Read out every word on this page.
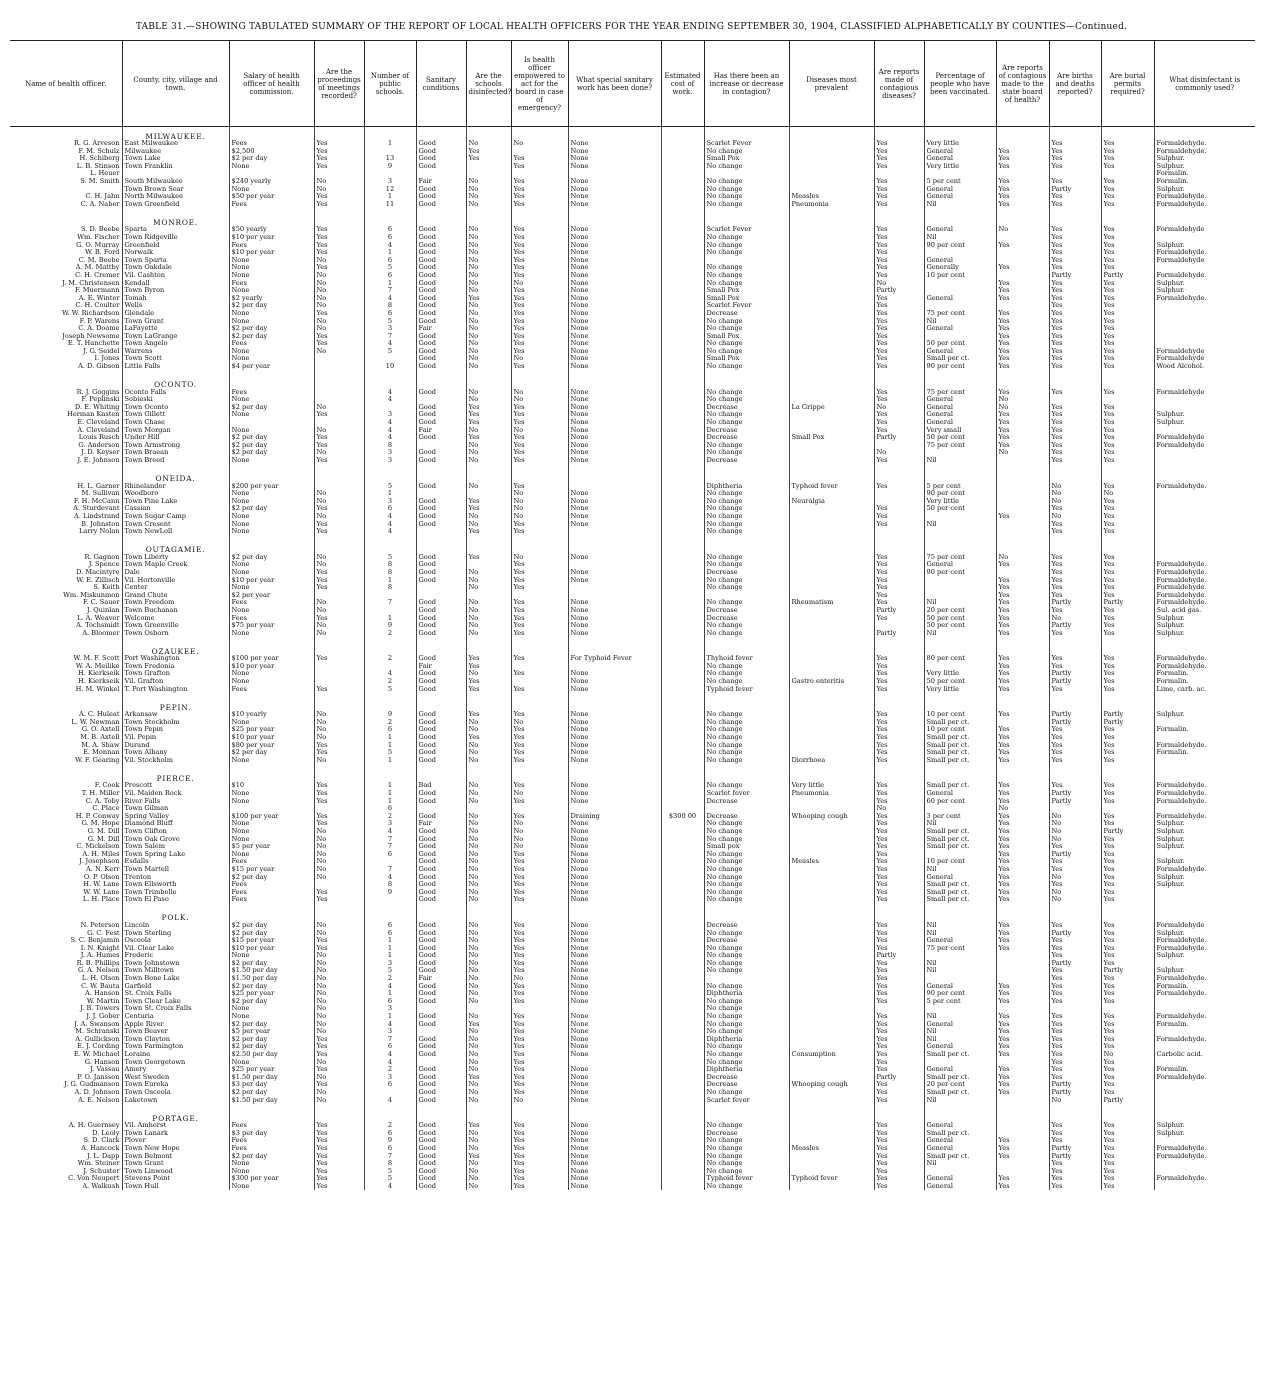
TABLE 31.—SHOWING TABULATED SUMMARY OF THE REPORT OF LOCAL HEALTH OFFICERS FOR THE YEAR ENDING SEPTEMBER 30, 1904, CLASSIFIED ALPHABETICALLY BY COUNTIES—Continued.
Name of health officer.	County, city, village and town.	Salary of health officer of health commission.	Are the proceedings of meetings recorded?	Number of public schools.	Sanitary conditions	Are the schools disinfected?	Is health officer empowered to act for the board in case of emergency?	What special sanitary work has been done?	Estimated cost of work.	Has there been an increase or decrease in contagion?	Diseases most prevalent	Are reports made of contagious diseases?	Percentage of people who have been vaccinated.	Are reports of contagious made to the state board of health?	Are births and deaths reported?	Are burial permits required?	What disinfectant is commonly used?
	MILWAUKEE.																
R. G. Arveson	East Milwaukee	Fees	Yes	1	Good	No	No	None		Scarlet Fever		Yes	Very little		Yes	Yes	Formaldehyde.
F. M. Schulz	Milwaukee	$2,500	Yes		Good	Yes		None		No change		Yes	General	Yes	Yes	Yes	Formaldehyde.
H. Schiberg	Town Lake	$2 per day	Yes	13	Good	Yes	Yes	None		Small Pox		Yes	General	Yes	Yes	Yes	Sulphur.
L. B. Stinson	Town Franklin	None	Yes	9	Good		Yes	None		No change		Yes	Very little	Yes	Yes	Yes	Sulphur.
L. Heuer																	Formalin.
S. M. Smith	South Milwaukee	$240 yearly	No	3	Fair	No	Yes	None		No change		Yes	5 per cent	Yes	Yes	Yes	Formalin.
	Town Brown Sear	None	No	12	Good	No	Yes	None		No change		Yes	General	Yes	Partly	Yes	Sulphur.
C. H. Jahn	North Milwaukee	$50 per year	Yes	1	Good	No	Yes	None		No change	Measles	Yes	General	Yes	Yes	Yes	Formaldehyde.
C. A. Naber	Town Greenfield	Fees	Yes	11	Good	No	Yes	None		No change	Pneumonia	Yes	Nil	Yes	Yes	Yes	Formaldehyde.

	MONROE.																
S. D. Beebe	Sparta	$50 yearly	Yes	6	Good	No	Yes	None		Scarlet Fever		Yes	General	No	Yes	Yes	Formaldehyde
Wm. Fischer	Town Ridgeville	$10 per year	Yes	6	Good	No	Yes	None		No change		Yes	Nil		Yes	Yes	
G. O. Murray	Greenfield	Fees	Yes	4	Good	No	Yes	None		No change		Yes	90 per cent	Yes	Yes	Yes	Sulphur.
W. B. Ford	Norwalk	$10 per year	Yes	1	Good	No	Yes	None		No change		Yes			Yes	Yes	Formaldehyde.
C. M. Beebe	Town Sparta	None	No	6	Good	No	Yes	None				Yes	General		Yes	Yes	Formaldehyde
A. M. Mattby	Town Oakdale	None	Yes	5	Good	No	Yes	None		No change		Yes	Generally	Yes	Yes	Yes	
C. H. Cremer	Vil. Cashton	None	No	6	Good	No	Yes	None		No change		Yes	10 per cent		Partly	Partly	Formaldehyde.
J. M. Christensen	Kendall	Fees	No	1	Good	No	No	None		No change		No		Yes	Yes	Yes	Sulphur.
F. Muermann	Town Byron	None	No	7	Good	No	Yes	None		Small Pox		Partly		Yes	Yes	Yes	Sulphur.
A. E. Winter	Tomah	$2 yearly	No	4	Good	Yes	Yes	None		Small Pox		Yes	General	Yes	Yes	Yes	Formaldehyde.
C. H. Coulter	Wells	$2 per day	No	8	Good	No	Yes	None		Scarlet Fever		Yes			Yes	Yes	
W. W. Richardson	Glendale	None	Yes	6	Good	No	Yes	None		Decrease		Yes	75 per cent	Yes	Yes	Yes	
F. P. Warens	Town Grant	None	No	5	Good	No	Yes	None		No change		Yes	Nil	Yes	Yes	Yes	
C. A. Doame	LaFayette	$2 per day	No	3	Fair	No	Yes	None		No change		Yes	General	Yes	Yes	Yes	
Joseph Newsome	Town LaGrange	$2 per day	Yes	7	Good	No	Yes	None		Small Pox		Yes		Yes	Yes	Yes	
E. T. Hanchette	Town Angelo	Fees	Yes	4	Good	No	Yes	None		No change		Yes	50 per cent	Yes	Yes	Yes	
J. G. Seidel	Warrens	None	No	5	Good	No	Yes	None		No change		Yes	General	Yes	Yes	Yes	Formaldehyde
I. Jones	Town Scott	None			Good	No	No	None		Small Pox		Yes	Small per ct.	Yes	Yes	Yes	Formaldehyde
A. D. Gibson	Little Falls	$4 per year		10	Good	No	Yes	None		No change		Yes	90 per cent	Yes	Yes	Yes	Wood Alcohol.

	OCONTO.																
R. J. Goggins	Oconto Falls	Fees		4	Good	No	No	None		No change		Yes	75 per cent	Yes	Yes	Yes	Formaldehyde
F. Peplinski	Sobieski	None		4		No	No	None		No change		Yes	General	No			
D. E. Whiting	Town Oconto	$2 per day	No		Good	Yes	Yes	None		Decrease	La Grippe	No	General	No	Yes	Yes	
Herman Kasten	Town Gillett	None	Yes	3	Good	Yes	Yes	None		No change		Yes	General	Yes	Yes	Yes	Sulphur.
E. Cleveland	Town Chase			4	Good	Yes	Yes	None		No change		Yes	General	Yes	Yes	Yes	Sulphur.
A. Cleveland	Town Morgan	None	No	4	Fair	No	No	None		Decrease		Yes	Very small	Yes	Yes	Yes	
Louis Rusch	Under Hill	$2 per day	Yes	4	Good	Yes	Yes	None		Decrease	Small Pox	Partly	50 per cent	Yes	Yes	Yes	Formaldehyde
G. Anderson	Town Armstrong	$2 per day	Yes	8		No	Yes	None		No change			75 per cent	Yes	Yes	Yes	Formaldehyde
J. D. Keyser	Town Braean	$2 per day	No	3	Good	No	Yes	None		No change		No		No	Yes	Yes	
J. E. Johnson	Town Breed	None	Yes	3	Good	No	Yes	None		Decrease		Yes	Nil		Yes	Yes	

	ONEIDA.																
H. L. Garner	Rhinelander	$200 per year		5	Good	No	Yes			Diphtheria	Typhoid fever	Yes	5 per cent		No	Yes	Formaldehyde.
M. Sullivan	Woodboro	None	No	1			No	None		No change			90 per cent		No	No	
F. H. McCann	Town Pine Lake	None	No	3	Good	Yes	No	None		No change	Neuralgia		Very little		No	Yes	
A. Sturdevant	Cassian	$2 per day	Yes	6	Good	Yes	No	None		No change		Yes	50 per cent		Yes	Yes	
A. Lindstrand	Town Sugar Camp	None	No	4	Good	No	No	None		No change		Yes		Yes	No	Yes	
B. Johnston	Town Cresent	None	Yes	4	Good	No	Yes	None		No change		Yes	Nil		Yes	Yes	
Larry Nolan	Town NewLoll	None	Yes	4		Yes	Yes			No change					Yes	Yes	

	OUTAGAMIE.																
R. Gagnon	Town Liberty	$2 per day	No	5	Good	Yes	No	None		No change		Yes	75 per cent	No	Yes	Yes	
J. Spence	Town Maple Creek	None	No	8	Good		Yes			No change		Yes	General	Yes	Yes	Yes	Formaldehyde.
D. Macintyre	Dale	None	Yes	8	Good	No	Yes	None		Decrease		Yes	90 per cent		Yes	Yes	Formaldehyde.
W. E. Zillisch	Vil. Hortonville	$10 per year	Yes	1	Good	No	Yes	None		No change		Yes		Yes	Yes	Yes	Formaldehyde.
S. Keith	Center	None	Yes	8		No	Yes			No change		Yes		Yes	Yes	Yes	Formaldehyde.
Wm. Miskunmon	Grand Chute	$2 per year										Yes		Yes	Yes	Yes	Formaldehyde.
F. C. Sauer	Town Freedom	Fees	No	7	Good	No	Yes	None		No change	Rheumatism	Yes	Nil	Yes	Partly	Partly	Formaldehyde.
J. Quinlan	Town Buchanan	None	No		Good	No	Yes	None		Decrease		Partly	20 per cent	Yes	Yes	Yes	Sul. acid gas.
L. A. Weaver	Welcome	Fees	Yes	1	Good	No	Yes	None		Decrease		Yes	50 per cent	Yes	No	Yes	Sulphur.
A. Tochsmidt	Town Greenville	$75 per year	No	9	Good	No	Yes	None		No change			50 per cent	Yes	Partly	Yes	Sulphur.
A. Bloomer	Town Osborn	None	No	2	Good	No	Yes	None		No change		Partly	Nil	Yes	Yes	Yes	Sulphur.

	OZAUKEE.																
W. M. F. Scott	Port Washington	$100 per year	Yes	2	Good	Yes	Yes	For Typhoid Fever		Thyhoid fever		Yes	80 per cent	Yes	Yes	Yes	Formaldehyde.
W. A. Meilike	Town Fredonia	$10 per year			Fair	Yes				No change		Yes		Yes	Yes	Yes	Formaldehyde.
H. Kierkseik	Town Grafton	None		4	Good	No	Yes	None		No change		Yes	Very little	Yes	Partly	Yes	Formalin.
H. Kierkseik	Vil. Grafton	None		2	Good	Yes		None		No change	Gastro enteritis	Yes	50 per cent	Yes	Partly	Yes	Formalin.
H. M. Winkel	T. Port Washington	Fees	Yes	5	Good	Yes	Yes	None		Typhoid fever		Yes	Very little	Yes	Yes	Yes	Lime, carb. ac.

	PEPIN.																
A. C. Huleat	Arkansaw	$10 yearly	No	9	Good	Yes	Yes	None		No change		Yes	10 per cent	Yes	Partly	Partly	Sulphur.
L. W. Newman	Town Stockholm	None	No	2	Good	No	No	None		No change		Yes	Small per ct.		Partly	Partly	
G. O. Axtell	Town Pepin	$25 per year	No	6	Good	No	Yes	None		No change		Yes	10 per cent	Yes	Yes	Yes	Formalin.
M. B. Axtell	Vil. Pepin	$10 per year	No	1	Good	Yes	Yes	None		No change		Yes	Small per ct.	Yes	Yes	Yes	
M. A. Shaw	Durand	$80 per year	Yes	1	Good	No	Yes	None		No change		Yes	Small per ct.	Yes	Yes	Yes	Formaldehyde.
E. Monnan	Town Albany	$2 per day	Yes	5	Good	No	Yes	None		No change		Yes	Small per ct.	Yes	Yes	Yes	Formalin.
W. F. Gearing	Vil. Stockholm	None	No	1	Good	No	Yes	None		No change	Diorrhoea	Yes	Small per ct.	Yes	Yes	Yes	

	PIERCE.																
F. Cook	Prescott	$10	Yes	1	Bad	No	Yes	None		No change	Very little	Yes	Small per ct.	Yes	Yes	Yes	Formaldehyde.
T. H. Miller	Vil. Maiden Rock	None	Yes	1	Good	No	No	None		Scarlet fever	Pneumonia	Yes	General	Yes	Partly	Yes	Formaldehyde.
C. A. Toby	River Falls	None	Yes	1	Good	No	Yes	None		Decrease		Yes	60 per cent	Yes	Partly	Yes	Formaldehyde.
C. Place	Town Gilman			6								No		No			
H. P. Conway	Spring Valley	$100 per year	Yes	2	Good	No	Yes	Draining	$300 00	Decrease	Whooping cough	Yes	3 per cent	Yes	No	Yes	Formaldehyde.
G. M. Hope	Diamond Bluff	None	Yes	3	Fair	No	No	None		No change		Yes	Nil	Yes	No	Yes	Sulphur.
G. M. Dill	Town Clifton	None	No	4	Good	No	No	None		No change		Yes	Small per ct.	Yes	No	Partly	Sulphur.
G. M. Dill	Town Oak Grove	None	No	7	Good	No	No	None		No change		Yes	Small per ct.	Yes	No	Yes	Sulphur.
C. Mickelson	Town Salem	$5 per year	No	7	Good	No	No	None		Small pox		Yes	Small per ct.	Yes	Yes	Yes	Sulphur.
A. H. Miles	Town Spring Lake	None	No	6	Good	No	Yes	None		No change		Yes		Yes	Partly	Yes	
J. Josephson	Esdalls	Fees	No		Good	No	Yes	None		No change	Measles	Yes	10 per cent	Yes	Yes	Yes	Sulphur.
A. N. Kerr	Town Martell	$15 per year	No	7	Good	No	Yes	None		No change		Yes	Nil	Yes	Yes	Yes	Formaldehyde.
O. P. Olson	Trenton	$2 per day	No	4	Good	No	Yes	None		No change		Yes	General	Yes	No	Yes	Sulphur.
H. W. Lane	Town Ellsworth	Fees		8	Good	No	Yes	None		No change		Yes	Small per ct.	Yes	Yes	Yes	Sulphur.
W. W. Lane	Town Trimbelle	Fees	Yes	9	Good	No	Yes	None		No change		Yes	Small per ct.	Yes	No	Yes	
L. H. Place	Town El Paso	Fees	Yes		Good	No	Yes	None		No change		Yes	Small per ct.	Yes	No	Yes	

	POLK.																
N. Peterson	Lincoln	$2 per day	No	6	Good	No	Yes	None		Decrease		Yes	Nil	Yes	Yes	Yes	Formaldehyde
G. C. Fest	Town Sterling	$2 per day	No	6	Good	No	Yes	None		No change		Yes	Nil	Yes	Partly	Yes	Sulphur.
S. C. Benjamin	Osceola	$15 per year	Yes	1	Good	No	Yes	None		Decrease		Yes	General	Yes	Yes	Yes	Formaldehyde.
I. N. Knight	Vil. Clear Lake	$10 per year	Yes	1	Good	No	Yes	None		No change		Yes	75 per cent	Yes	Yes	Yes	Formaldehyde.
J. A. Humes	Frederic	None	No	1	Good	No	Yes	None		No change		Partly			Yes	Yes	Sulphur.
R. B. Phillips	Town Johnstown	$2 per day	No	3	Good	No	Yes	None		No change		Yes	Nil		Partly	Yes	
G. A. Nelson	Town Milltown	$1.50 per day	No	5	Good	No	Yes	None		No change		Yes	Nil		Yes	Partly	Sulphur.
L. H. Olson	Town Bone Lake	$1.50 per day	No	2	Fair	No	No	None				Yes			Yes	Yes	Formaldehyde.
C. W. Bauta	Garfield	$2 per day	No	4	Good	No	Yes	None		No change		Yes	General	Yes	Yes	Yes	Formalin.
A. Hanson	St. Croix Falls	$25 per year	No	1	Good	No	Yes	None		Diphtheria		Yes	90 per cent	Yes	Yes	Yes	Formaldehyde.
W. Martin	Town Clear Lake	$2 per day	No	6	Good	No	Yes	None		No change		Yes	5 per cent	Yes	Yes	Yes	
J. B. Towers	Town St. Croix Falls	None	No	3						No change							
J. J. Gober	Centuria	None	No	1	Good	No	Yes	None		No change		Yes	Nil	Yes	Yes	Yes	Formaldehyde.
J. A. Swanson	Apple River	$2 per day	No	4	Good	Yes	Yes	None		No change		Yes	General	Yes	Yes	Yes	Formalin.
M. Schranski	Town Beaver	$5 per year	No	3		No	Yes	None		No change		Yes	Nil	Yes	Yes	Yes	
A. Gullickson	Town Clayton	$2 per day	Yes	7	Good	No	Yes	None		Diphtheria		Yes	Nil	Yes	Yes	Yes	Formaldehyde.
E. J. Cording	Town Farmington	$2 per day	Yes	6	Good	No	Yes	None		No change		Yes	General	Yes	Yes	Yes	
E. W. Michael	Loraine	$2.50 per day	Yes	4	Good	No	Yes	None		No change	Consumption	Yes	Small per ct.	Yes	Yes	No	Carbolic acid.
G. Hanson	Town Georgetown	None	No	4		No	Yes			No change		Yes			Yes	Yes	
J. Vassau	Amery	$25 per year	Yes	2	Good	No	Yes	None		Diphtheria		Yes	General	Yes	Yes	Yes	Formalin.
P. O. Jansson	West Sweden	$1.50 per day	No	3	Good	Yes	Yes	None		Decrease		Partly	Small per ct.	Yes	Yes	Yes	Formaldehyde.
J. G. Gudmanson	Town Eureka	$3 per day	Yes	6	Good	No	Yes	None		Decrease	Whooping cough	Yes	20 per cent	Yes	Partly	Yes	
A. D. Johnson	Town Osceola	$2 per day	No		Good	No	Yes	None		No change		Yes	Small per ct.	Yes	Partly	Yes	
A. E. Nelson	Laketown	$1.50 per day	No	4	Good	No	No	None		Scarlet fever		Yes	Nil		No	Partly	

	PORTAGE.																
A. H. Guernsey	Vil. Amherst	Fees	Yes	2	Good	Yes	Yes	None		No change		Yes	General		Yes	Yes	Sulphur.
D. Leoly	Town Lanark	$3 per day	Yes	6	Good	No	Yes	None		Decrease		Yes	Small per ct.		Yes	Yes	Sulphur.
S. D. Clark	Plover	Fees	Yes	9	Good	No	Yes	None		No change		Yes	General	Yes	Yes	Yes	
A. Hancock	Town New Hope	Fees	Yes	6	Good	No	Yes	None		No change	Measles	Yes	General	Yes	Partly	Yes	Formaldehyde.
J. L. Dapp	Town Belmont	$2 per day	Yes	7	Good	Yes	Yes	None		No change		Yes	Small per ct.	Yes	Partly	Yes	Formaldehyde.
Wm. Steiner	Town Grant	None	Yes	8	Good	No	Yes	None		No change		Yes	Nil		Yes	Yes	
J. Schuster	Town Linwood	None	Yes	5	Good	No	Yes	None		No change		Yes			Yes	Yes	
C. Von Neupert	Stevens Point	$300 per year	Yes	5	Good	No	Yes	None		Typhoid fever	Typhoid fever	Yes	General	Yes	Yes	Yes	Formaldehyde.
A. Walkush	Town Hull	None	Yes	4	Good	No	Yes	None		No change		Yes	General	Yes	Yes	Yes	
